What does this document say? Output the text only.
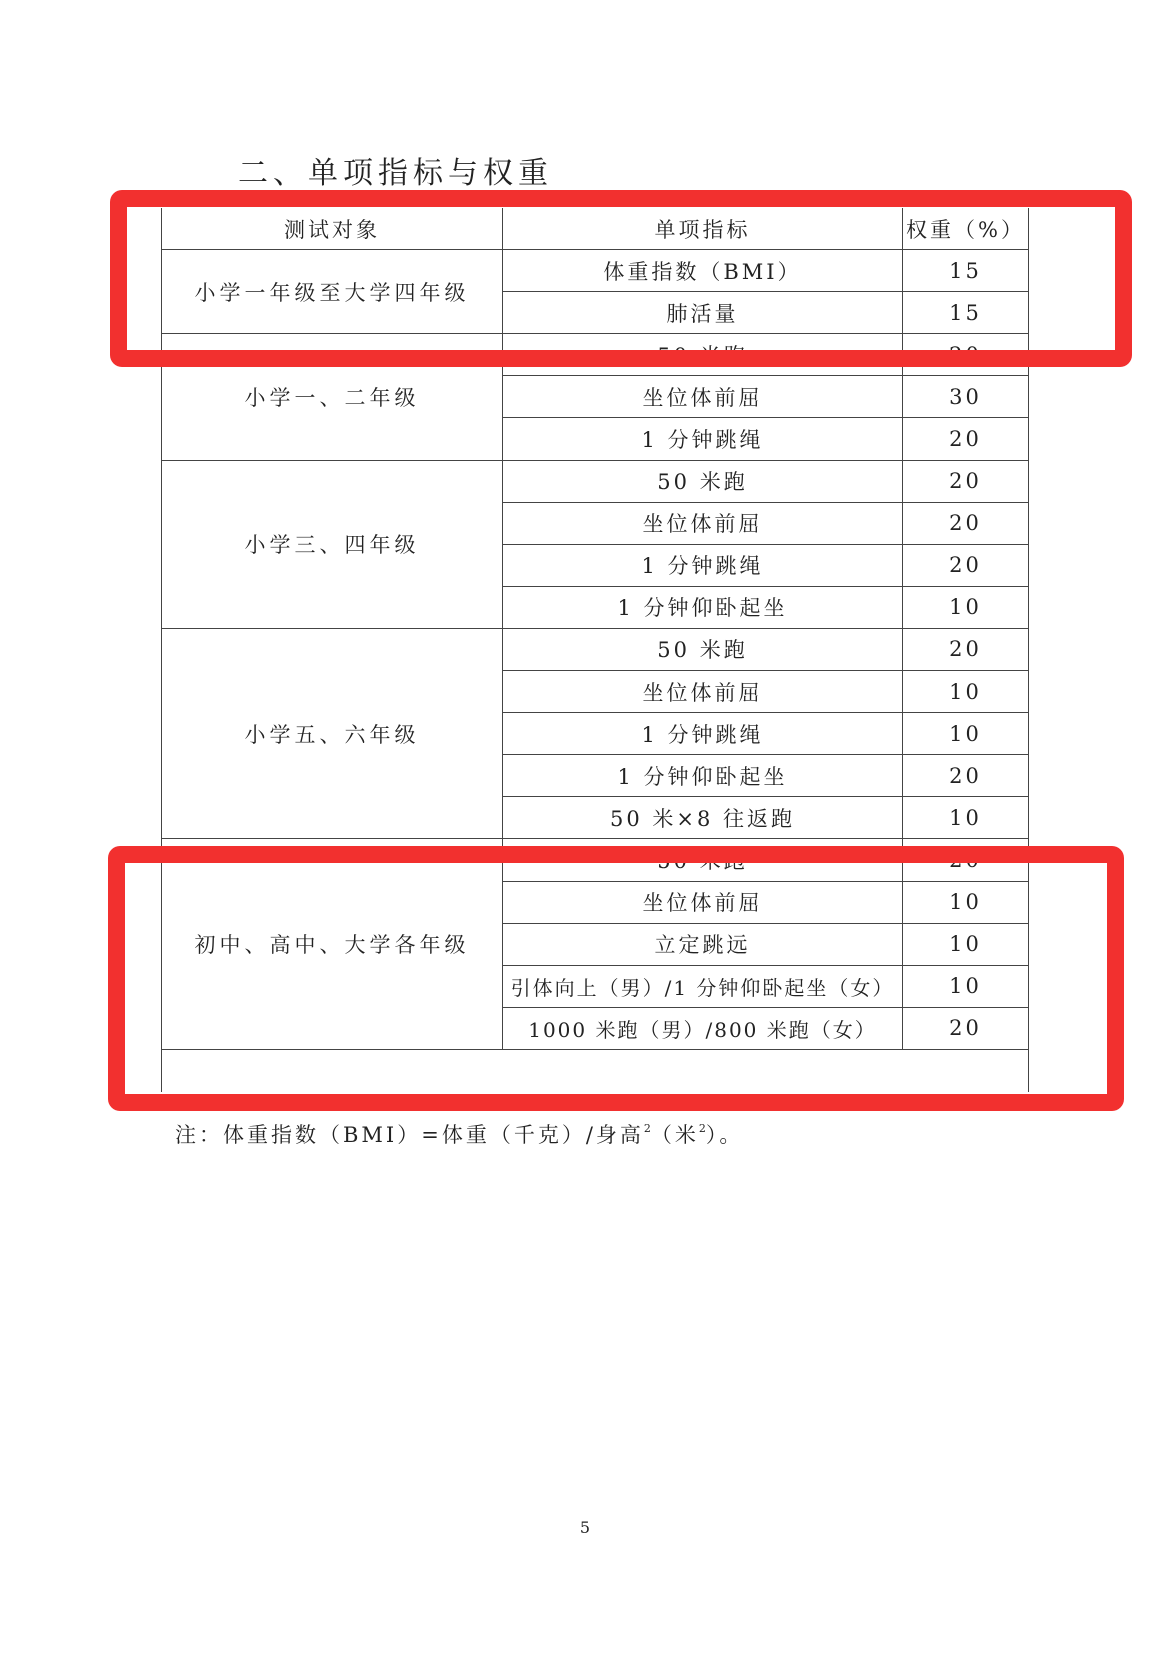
二、单项指标与权重
测试对象	单项指标	权重（%）
小学一年级至大学四年级
体重指数（BMI）	15
肺活量	15
小学一、二年级
50 米跑	20
坐位体前屈	30
1 分钟跳绳	20
小学三、四年级
50 米跑	20
坐位体前屈	20
1 分钟跳绳	20
1 分钟仰卧起坐	10
小学五、六年级
50 米跑	20
坐位体前屈	10
1 分钟跳绳	10
1 分钟仰卧起坐	20
50 米×8 往返跑	10
初中、高中、大学各年级
50 米跑	20
坐位体前屈	10
立定跳远	10
引体向上（男）/1 分钟仰卧起坐（女）	10
1000 米跑（男）/800 米跑（女）	20
注：体重指数（BMI）=体重（千克）/身高$^2$（米$^2$）。
5
